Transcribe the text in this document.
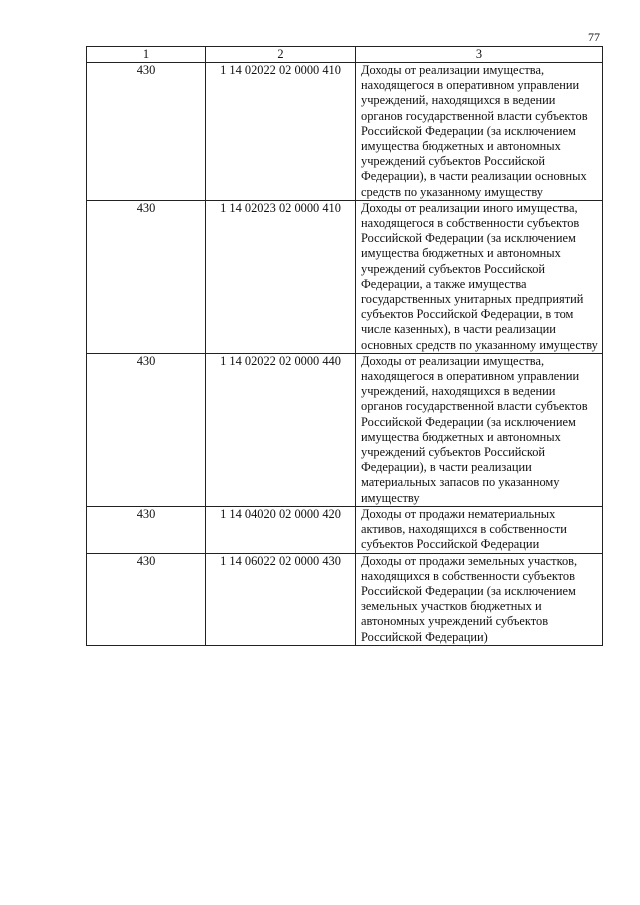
77
1	2	3
430	1 14 02022 02 0000 410	Доходы от реализации имущества, находящегося в оперативном управлении учреждений, находящихся в ведении органов государственной власти субъектов Российской Федерации (за исключением имущества бюджетных и автономных учреждений субъектов Российской Федерации), в части реализации основных средств по указанному имуществу
430	1 14 02023 02 0000 410	Доходы от реализации иного имущества, находящегося в собственности субъектов Российской Федерации (за исключением имущества бюджетных и автономных учреждений субъектов Российской Федерации, а также имущества государственных унитарных предприятий субъектов Российской Федерации, в том числе казенных), в части реализации основных средств по указанному имуществу
430	1 14 02022 02 0000 440	Доходы от реализации имущества, находящегося в оперативном управлении учреждений, находящихся в ведении органов государственной власти субъектов Российской Федерации (за исключением имущества бюджетных и автономных учреждений субъектов Российской Федерации), в части реализации материальных запасов по указанному имуществу
430	1 14 04020 02 0000 420	Доходы от продажи нематериальных активов, находящихся в собственности субъектов Российской Федерации
430	1 14 06022 02 0000 430	Доходы от продажи земельных участков, находящихся в собственности субъектов Российской Федерации (за исключением земельных участков бюджетных и автономных учреждений субъектов Российской Федерации)
